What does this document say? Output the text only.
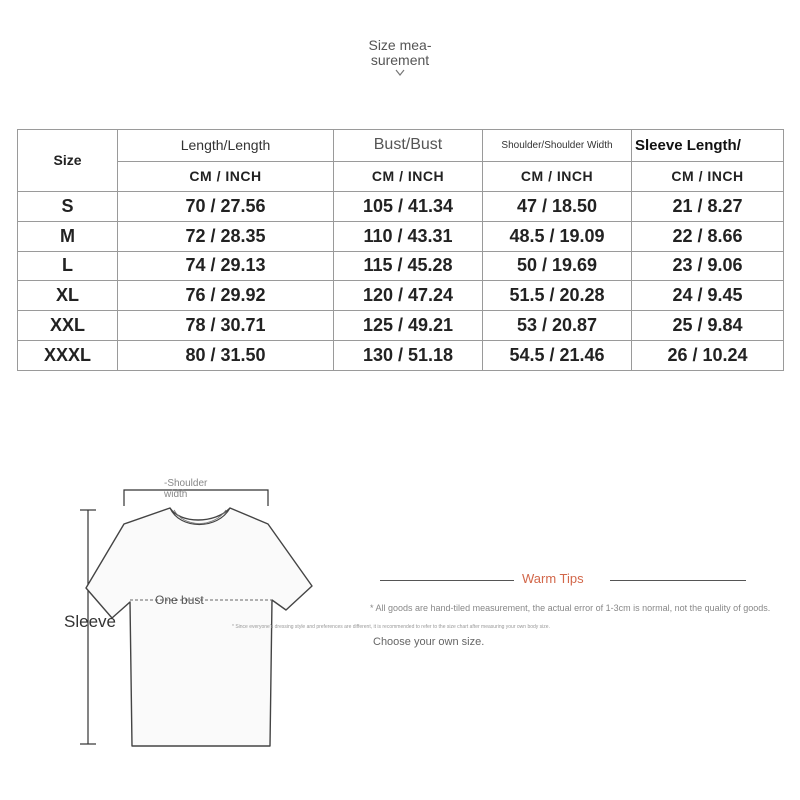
Size mea-
surement
Size	Length/Length	Bust/Bust	Shoulder/Shoulder Width	Sleeve Length/
	CM / INCH	CM / INCH	CM / INCH	CM / INCH
S	70 / 27.56	105 / 41.34	47 / 18.50	21 / 8.27
M	72 / 28.35	110 / 43.31	48.5 / 19.09	22 / 8.66
L	74 / 29.13	115 / 45.28	50 / 19.69	23 / 9.06
XL	76 / 29.92	120 / 47.24	51.5 / 20.28	24 / 9.45
XXL	78 / 30.71	125 / 49.21	53 / 20.87	25 / 9.84
XXXL	80 / 31.50	130 / 51.18	54.5 / 21.46	26 / 10.24
-Shoulder
width
One bust
Sleeve
Warm Tips
* All goods are hand-tiled measurement, the actual error of 1-3cm is normal, not the quality of goods.
* Since everyone's dressing style and preferences are different, it is recommended to refer to the size chart after measuring your own body size.
Choose your own size.
